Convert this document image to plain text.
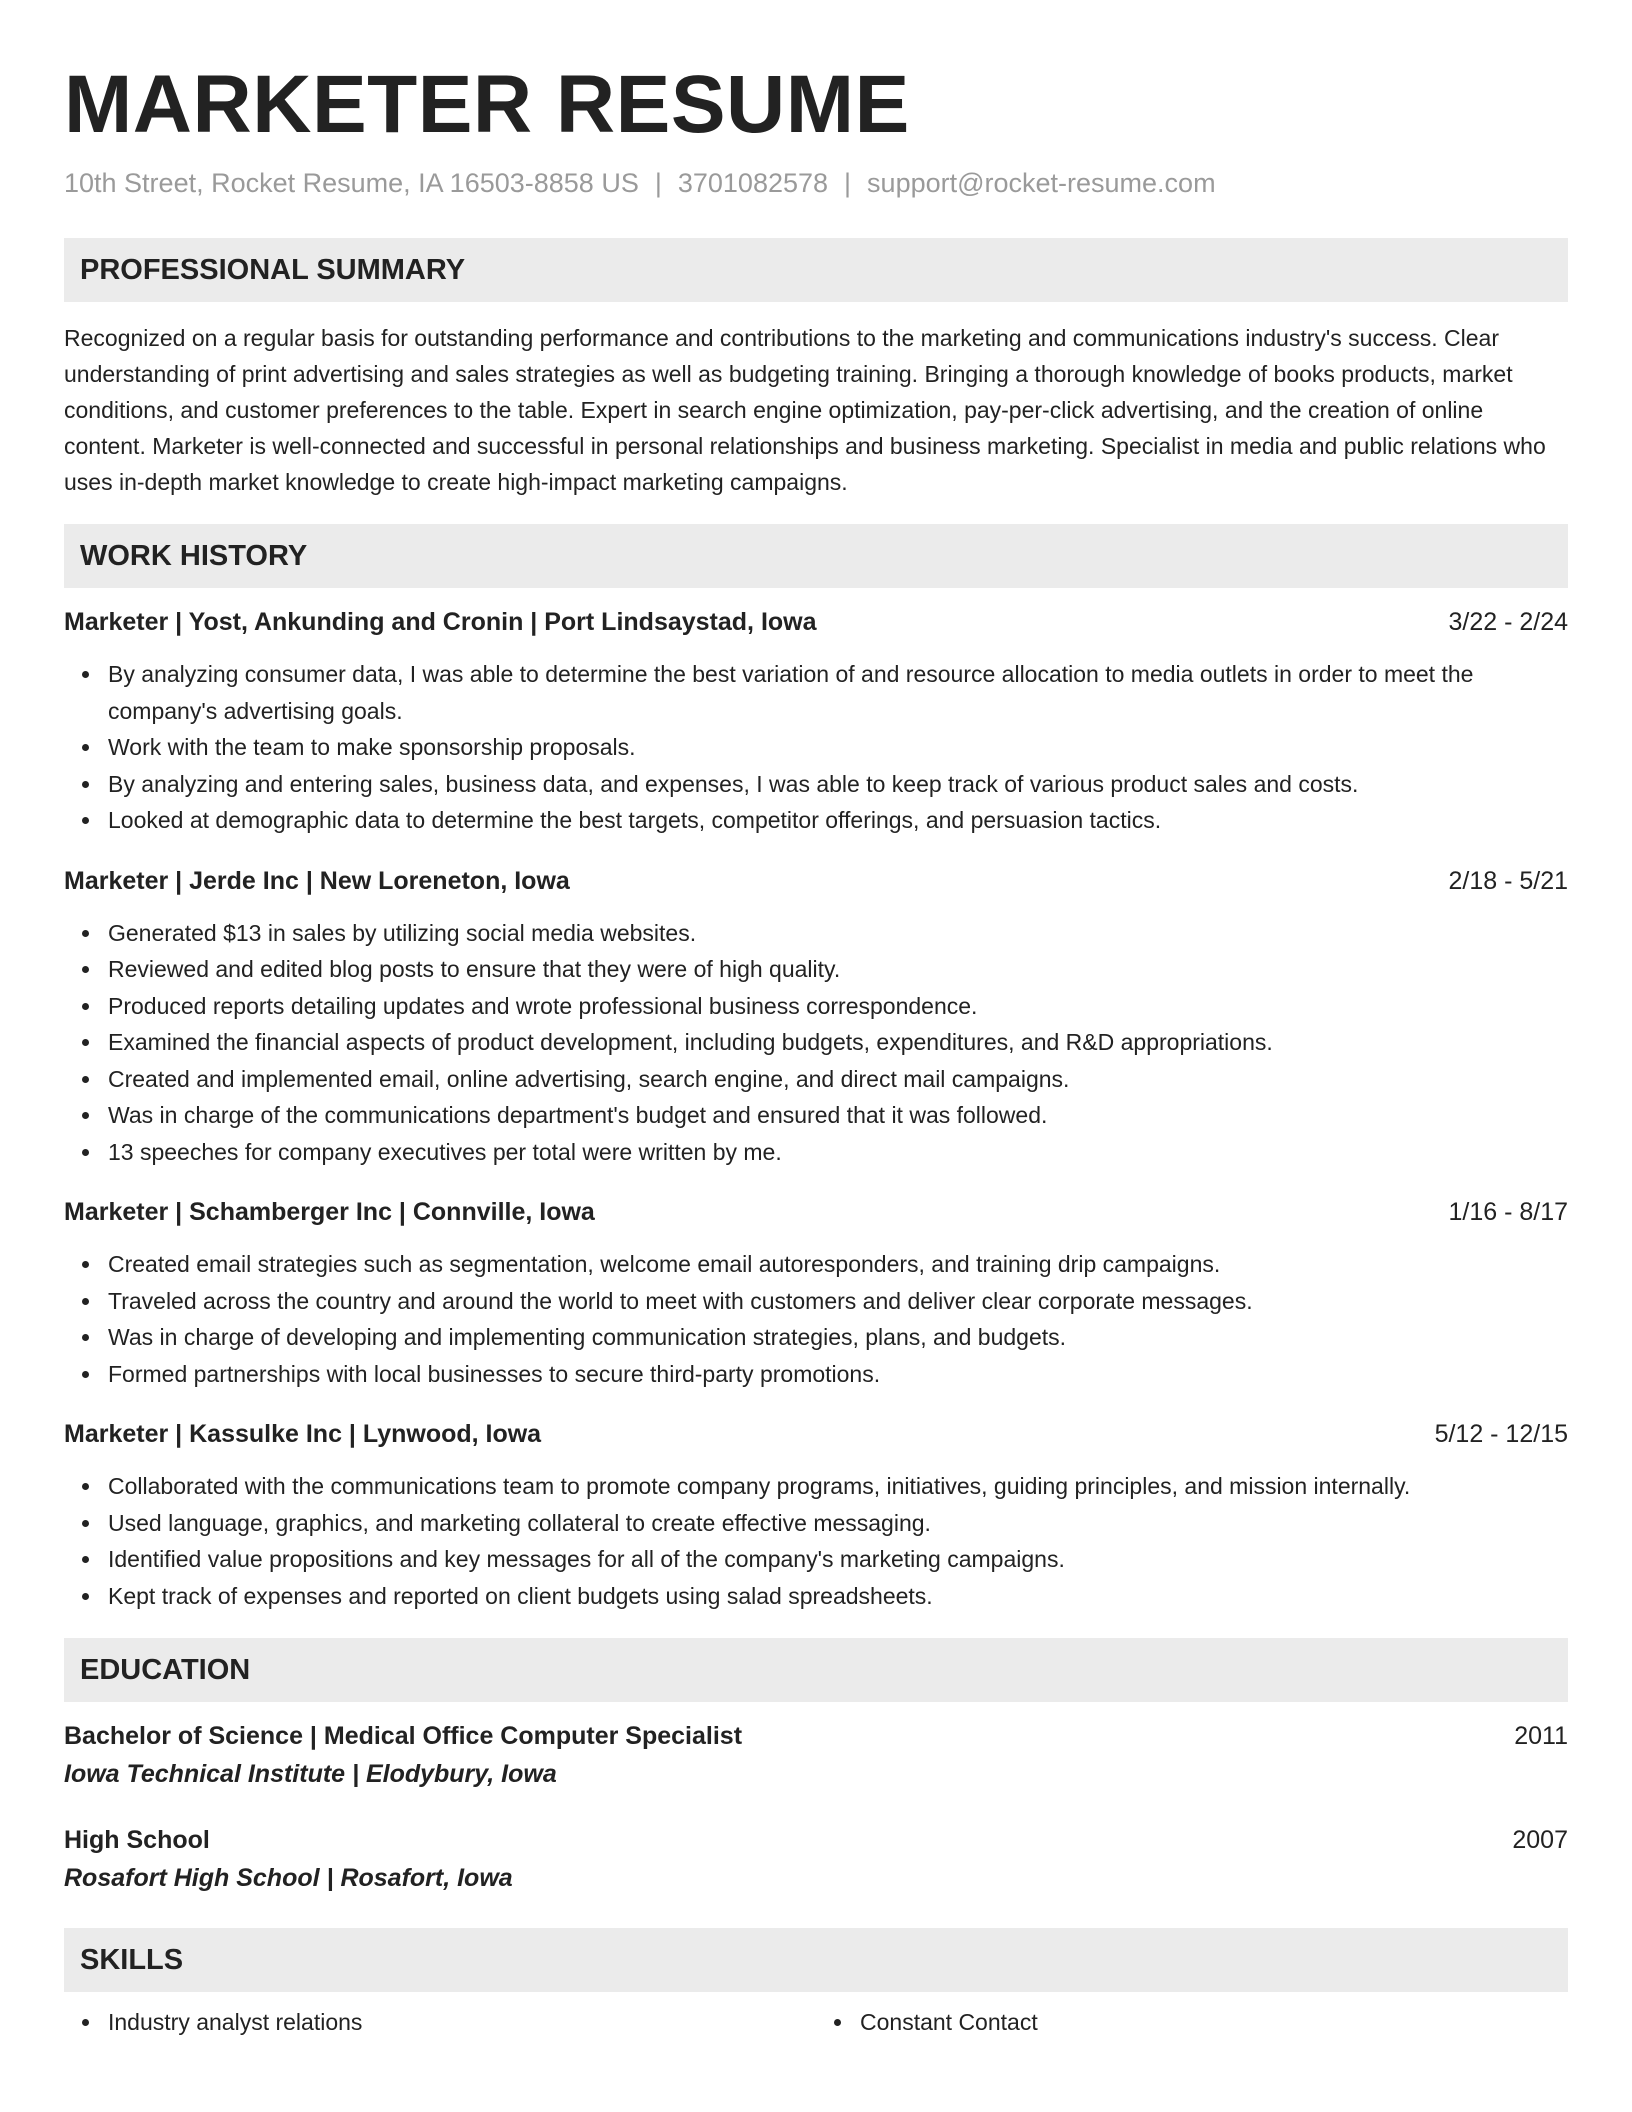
MARKETER RESUME
10th Street, Rocket Resume, IA 16503-8858 US | 3701082578 | support@rocket-resume.com
PROFESSIONAL SUMMARY
Recognized on a regular basis for outstanding performance and contributions to the marketing and communications industry's success. Clear understanding of print advertising and sales strategies as well as budgeting training. Bringing a thorough knowledge of books products, market conditions, and customer preferences to the table. Expert in search engine optimization, pay-per-click advertising, and the creation of online content. Marketer is well-connected and successful in personal relationships and business marketing. Specialist in media and public relations who uses in-depth market knowledge to create high-impact marketing campaigns.
WORK HISTORY
Marketer | Yost, Ankunding and Cronin | Port Lindsaystad, Iowa	3/22 - 2/24
By analyzing consumer data, I was able to determine the best variation of and resource allocation to media outlets in order to meet the company's advertising goals.
Work with the team to make sponsorship proposals.
By analyzing and entering sales, business data, and expenses, I was able to keep track of various product sales and costs.
Looked at demographic data to determine the best targets, competitor offerings, and persuasion tactics.
Marketer | Jerde Inc | New Loreneton, Iowa	2/18 - 5/21
Generated $13 in sales by utilizing social media websites.
Reviewed and edited blog posts to ensure that they were of high quality.
Produced reports detailing updates and wrote professional business correspondence.
Examined the financial aspects of product development, including budgets, expenditures, and R&D appropriations.
Created and implemented email, online advertising, search engine, and direct mail campaigns.
Was in charge of the communications department's budget and ensured that it was followed.
13 speeches for company executives per total were written by me.
Marketer | Schamberger Inc | Connville, Iowa	1/16 - 8/17
Created email strategies such as segmentation, welcome email autoresponders, and training drip campaigns.
Traveled across the country and around the world to meet with customers and deliver clear corporate messages.
Was in charge of developing and implementing communication strategies, plans, and budgets.
Formed partnerships with local businesses to secure third-party promotions.
Marketer | Kassulke Inc | Lynwood, Iowa	5/12 - 12/15
Collaborated with the communications team to promote company programs, initiatives, guiding principles, and mission internally.
Used language, graphics, and marketing collateral to create effective messaging.
Identified value propositions and key messages for all of the company's marketing campaigns.
Kept track of expenses and reported on client budgets using salad spreadsheets.
EDUCATION
Bachelor of Science | Medical Office Computer Specialist	2011
Iowa Technical Institute | Elodybury, Iowa
High School	2007
Rosafort High School | Rosafort, Iowa
SKILLS
Industry analyst relations	Constant Contact
